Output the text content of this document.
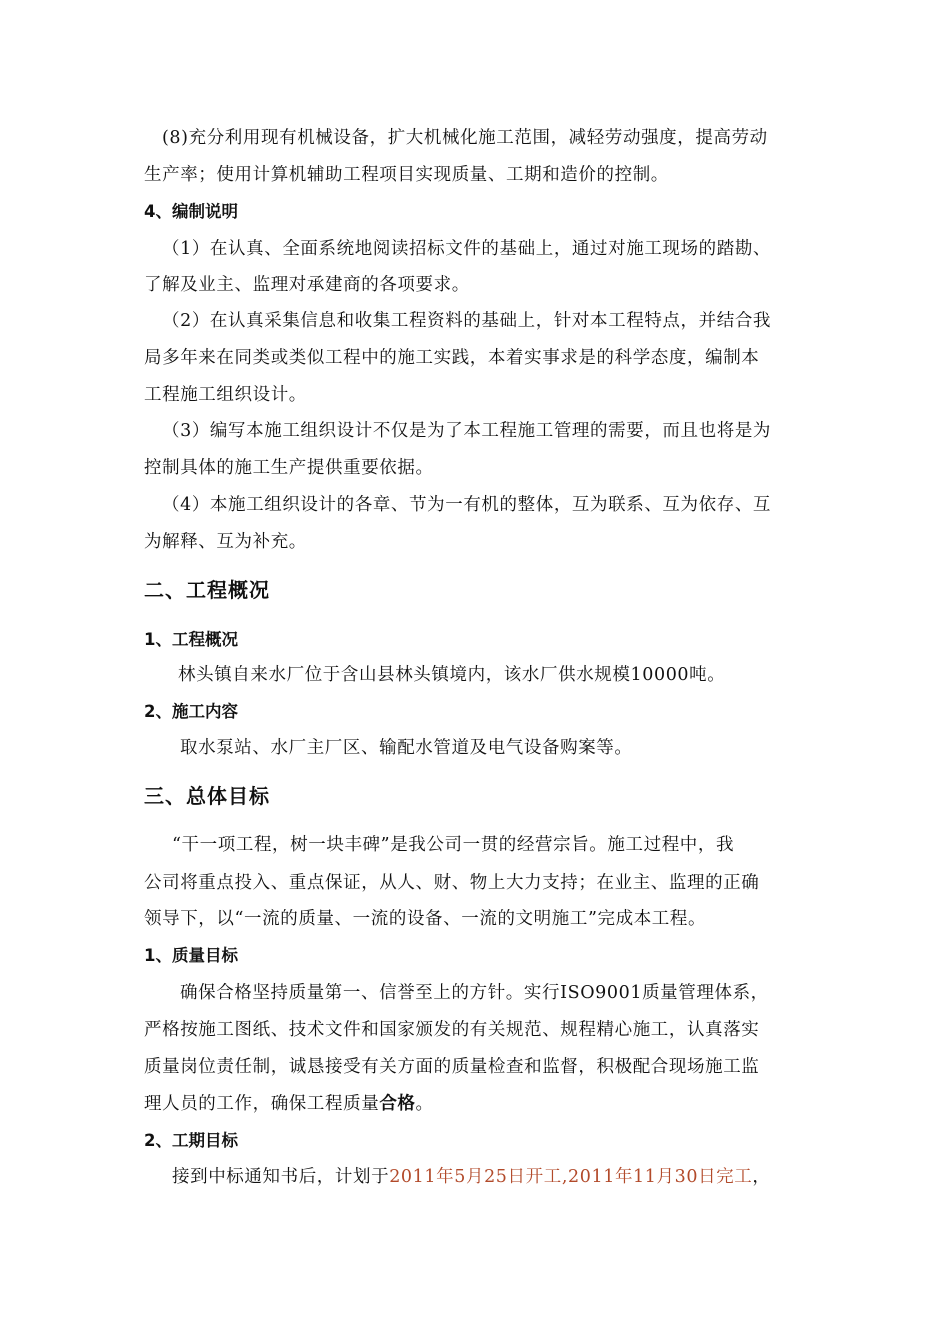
(8)充分利用现有机械设备，扩大机械化施工范围，减轻劳动强度，提高劳动
生产率；使用计算机辅助工程项目实现质量、工期和造价的控制。
4、编制说明
（1）在认真、全面系统地阅读招标文件的基础上，通过对施工现场的踏勘、
了解及业主、监理对承建商的各项要求。
（2）在认真采集信息和收集工程资料的基础上，针对本工程特点，并结合我
局多年来在同类或类似工程中的施工实践，本着实事求是的科学态度，编制本
工程施工组织设计。
（3）编写本施工组织设计不仅是为了本工程施工管理的需要，而且也将是为
控制具体的施工生产提供重要依据。
（4）本施工组织设计的各章、节为一有机的整体，互为联系、互为依存、互
为解释、互为补充。
二、工程概况
1、工程概况
林头镇自来水厂位于含山县林头镇境内，该水厂供水规模10000吨。
2、施工内容
取水泵站、水厂主厂区、输配水管道及电气设备购案等。
三、总体目标
“干一项工程，树一块丰碑”是我公司一贯的经营宗旨。施工过程中，我
公司将重点投入、重点保证，从人、财、物上大力支持；在业主、监理的正确
领导下，以“一流的质量、一流的设备、一流的文明施工”完成本工程。
1、质量目标
确保合格坚持质量第一、信誉至上的方针。实行ISO9001质量管理体系，
严格按施工图纸、技术文件和国家颁发的有关规范、规程精心施工，认真落实
质量岗位责任制，诚恳接受有关方面的质量检查和监督，积极配合现场施工监
理人员的工作，确保工程质量合格。
2、工期目标
接到中标通知书后，计划于2011年5月25日开工,2011年11月30日完工，
